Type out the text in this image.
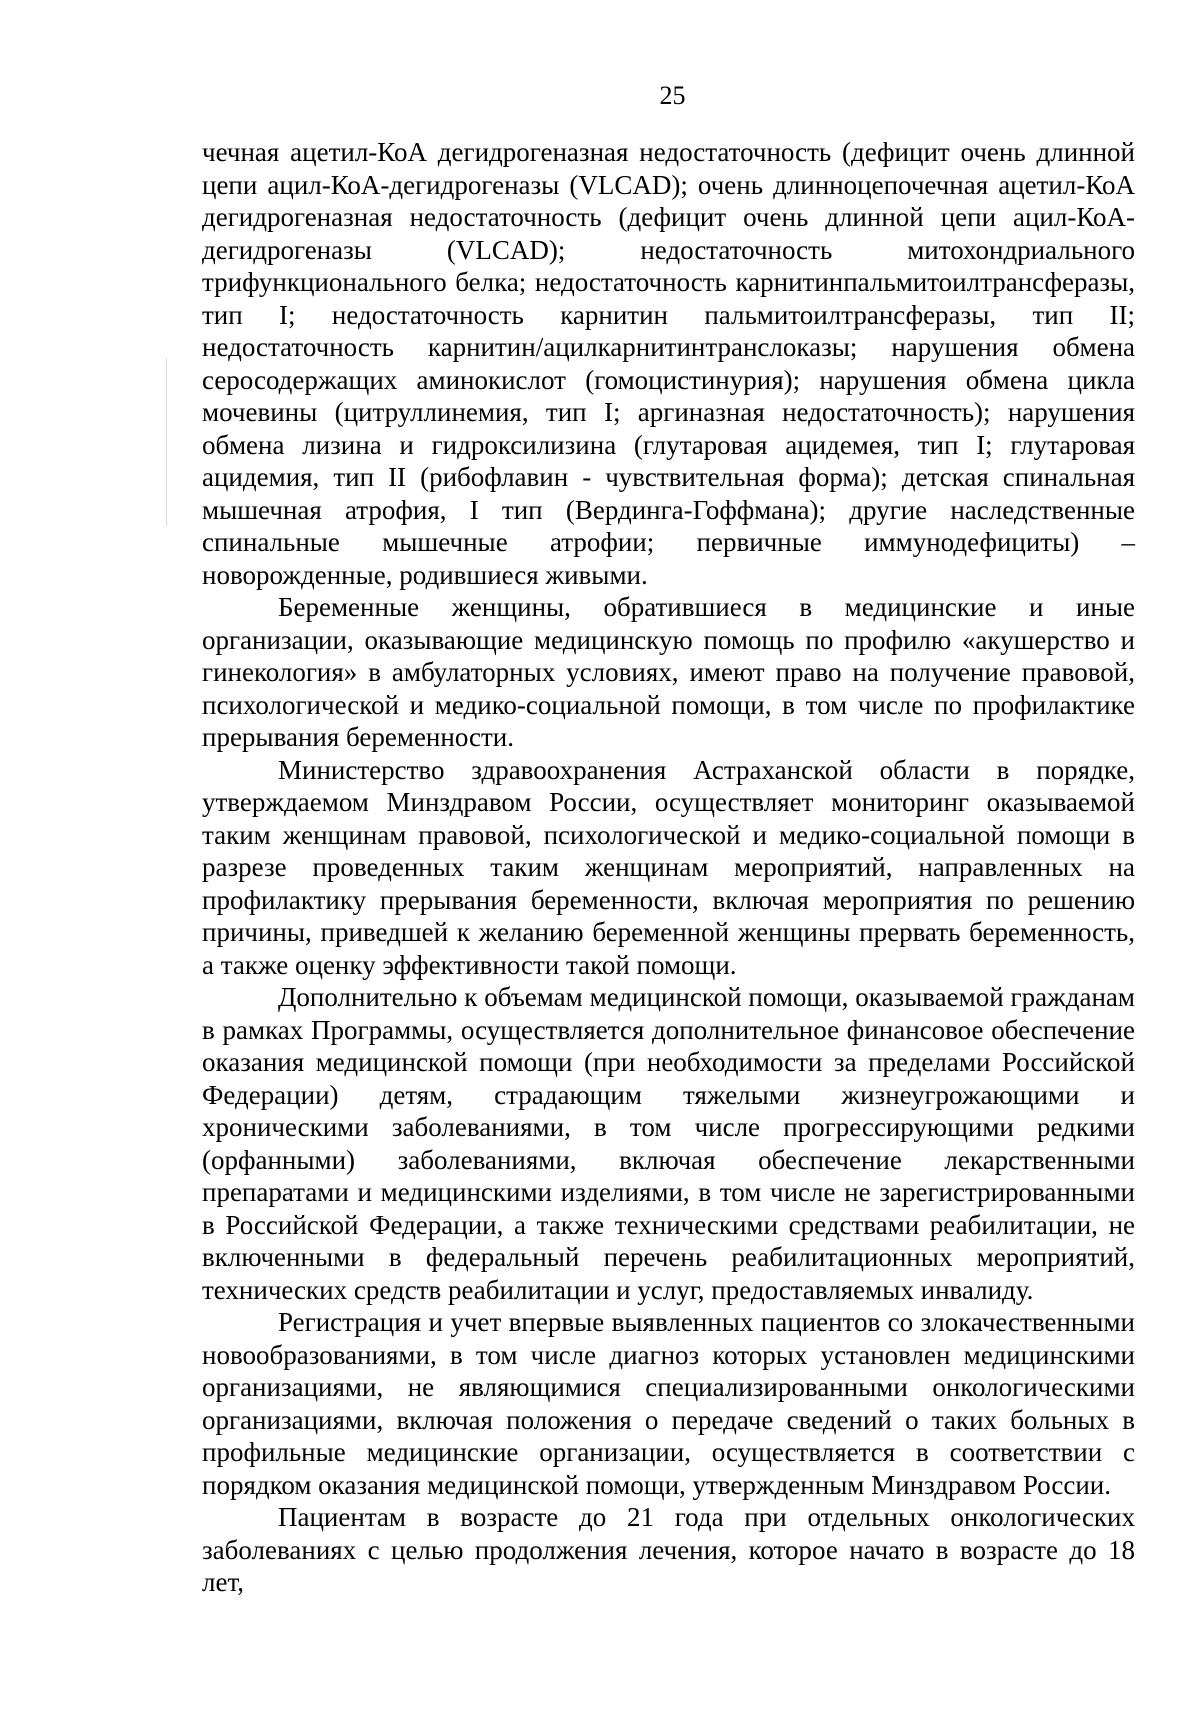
25

чечная ацетил-КоА дегидрогеназная недостаточность (дефицит очень длинной цепи ацил-КоА-дегидрогеназы (VLCAD); очень длинноцепочечная ацетил-КоА дегидрогеназная недостаточность (дефицит очень длинной цепи ацил-КоА-дегидрогеназы (VLCAD); недостаточность митохондриального трифункционального белка; недостаточность карнитинпальмитоилтрансферазы, тип I; недостаточность карнитин пальмитоилтрансферазы, тип II; недостаточность карнитин/ацилкарнитинтранслоказы; нарушения обмена серосодержащих аминокислот (гомоцистинурия); нарушения обмена цикла мочевины (цитруллинемия, тип I; аргиназная недостаточность); нарушения обмена лизина и гидроксилизина (глутаровая ацидемея, тип I; глутаровая ацидемия, тип II (рибофлавин - чувствительная форма); детская спинальная мышечная атрофия, I тип (Вердинга-Гоффмана); другие наследственные спинальные мышечные атрофии; первичные иммунодефициты) – новорожденные, родившиеся живыми.

Беременные женщины, обратившиеся в медицинские и иные организации, оказывающие медицинскую помощь по профилю «акушерство и гинекология» в амбулаторных условиях, имеют право на получение правовой, психологической и медико-социальной помощи, в том числе по профилактике прерывания беременности.

Министерство здравоохранения Астраханской области в порядке, утверждаемом Минздравом России, осуществляет мониторинг оказываемой таким женщинам правовой, психологической и медико-социальной помощи в разрезе проведенных таким женщинам мероприятий, направленных на профилактику прерывания беременности, включая мероприятия по решению причины, приведшей к желанию беременной женщины прервать беременность, а также оценку эффективности такой помощи.

Дополнительно к объемам медицинской помощи, оказываемой гражданам в рамках Программы, осуществляется дополнительное финансовое обеспечение оказания медицинской помощи (при необходимости за пределами Российской Федерации) детям, страдающим тяжелыми жизнеугрожающими и хроническими заболеваниями, в том числе прогрессирующими редкими (орфанными) заболеваниями, включая обеспечение лекарственными препаратами и медицинскими изделиями, в том числе не зарегистрированными в Российской Федерации, а также техническими средствами реабилитации, не включенными в федеральный перечень реабилитационных мероприятий, технических средств реабилитации и услуг, предоставляемых инвалиду.

Регистрация и учет впервые выявленных пациентов со злокачественными новообразованиями, в том числе диагноз которых установлен медицинскими организациями, не являющимися специализированными онкологическими организациями, включая положения о передаче сведений о таких больных в профильные медицинские организации, осуществляется в соответствии с порядком оказания медицинской помощи, утвержденным Минздравом России.

Пациентам в возрасте до 21 года при отдельных онкологических заболеваниях с целью продолжения лечения, которое начато в возрасте до 18 лет,
